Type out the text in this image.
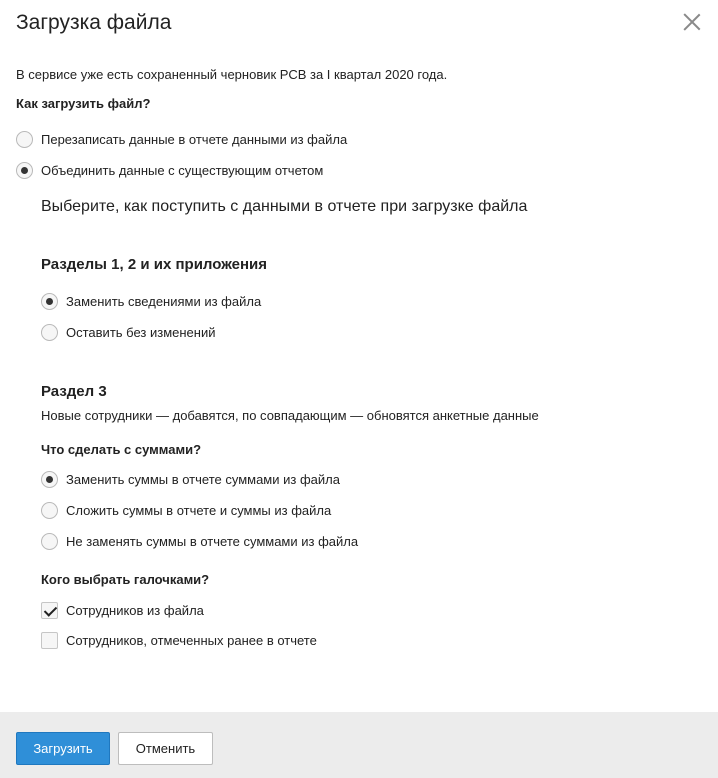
Загрузка файла
В сервисе уже есть сохраненный черновик РСВ за I квартал 2020 года.
Как загрузить файл?
Перезаписать данные в отчете данными из файла
Объединить данные с существующим отчетом
Выберите, как поступить с данными в отчете при загрузке файла
Разделы 1, 2 и их приложения
Заменить сведениями из файла
Оставить без изменений
Раздел 3
Новые сотрудники — добавятся, по совпадающим — обновятся анкетные данные
Что сделать с суммами?
Заменить суммы в отчете суммами из файла
Сложить суммы в отчете и суммы из файла
Не заменять суммы в отчете суммами из файла
Кого выбрать галочками?
Сотрудников из файла
Сотрудников, отмеченных ранее в отчете
Загрузить	Отменить
